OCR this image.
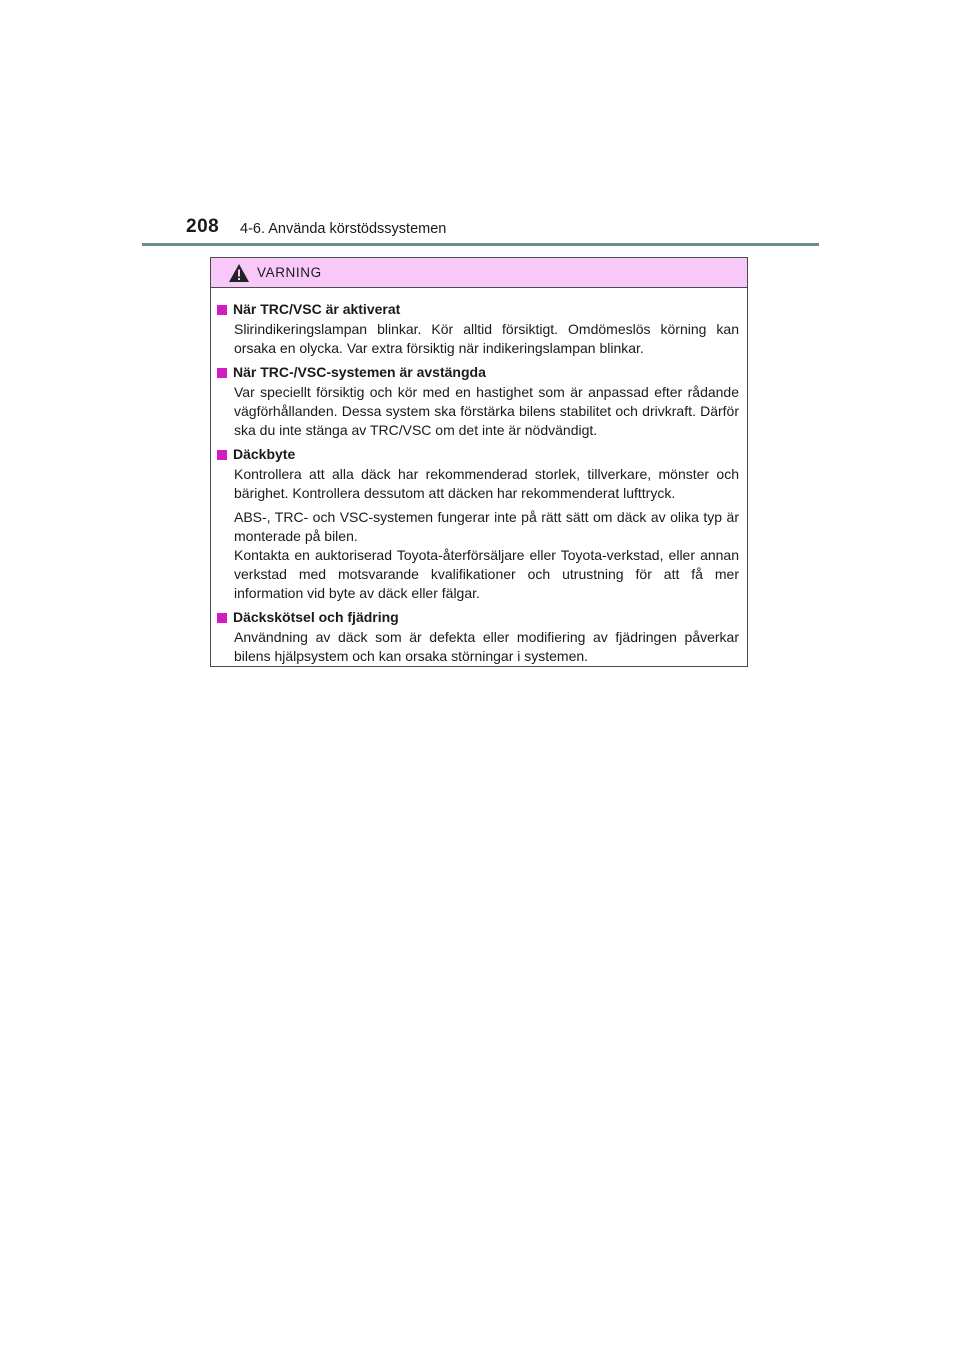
208 4-6. Använda körstödssystemen
VARNING
När TRC/VSC är aktiverat

Slirindikeringslampan blinkar. Kör alltid försiktigt. Omdömeslös körning kan orsaka en olycka. Var extra försiktig när indikeringslampan blinkar.

När TRC-/VSC-systemen är avstängda

Var speciellt försiktig och kör med en hastighet som är anpassad efter rådande vägförhållanden. Dessa system ska förstärka bilens stabilitet och drivkraft. Därför ska du inte stänga av TRC/VSC om det inte är nödvändigt.

Däckbyte

Kontrollera att alla däck har rekommenderad storlek, tillverkare, mönster och bärighet. Kontrollera dessutom att däcken har rekommenderat lufttryck.

ABS-, TRC- och VSC-systemen fungerar inte på rätt sätt om däck av olika typ är monterade på bilen.

Kontakta en auktoriserad Toyota-återförsäljare eller Toyota-verkstad, eller annan verkstad med motsvarande kvalifikationer och utrustning för att få mer information vid byte av däck eller fälgar.

Däckskötsel och fjädring

Användning av däck som är defekta eller modifiering av fjädringen påverkar bilens hjälpsystem och kan orsaka störningar i systemen.
